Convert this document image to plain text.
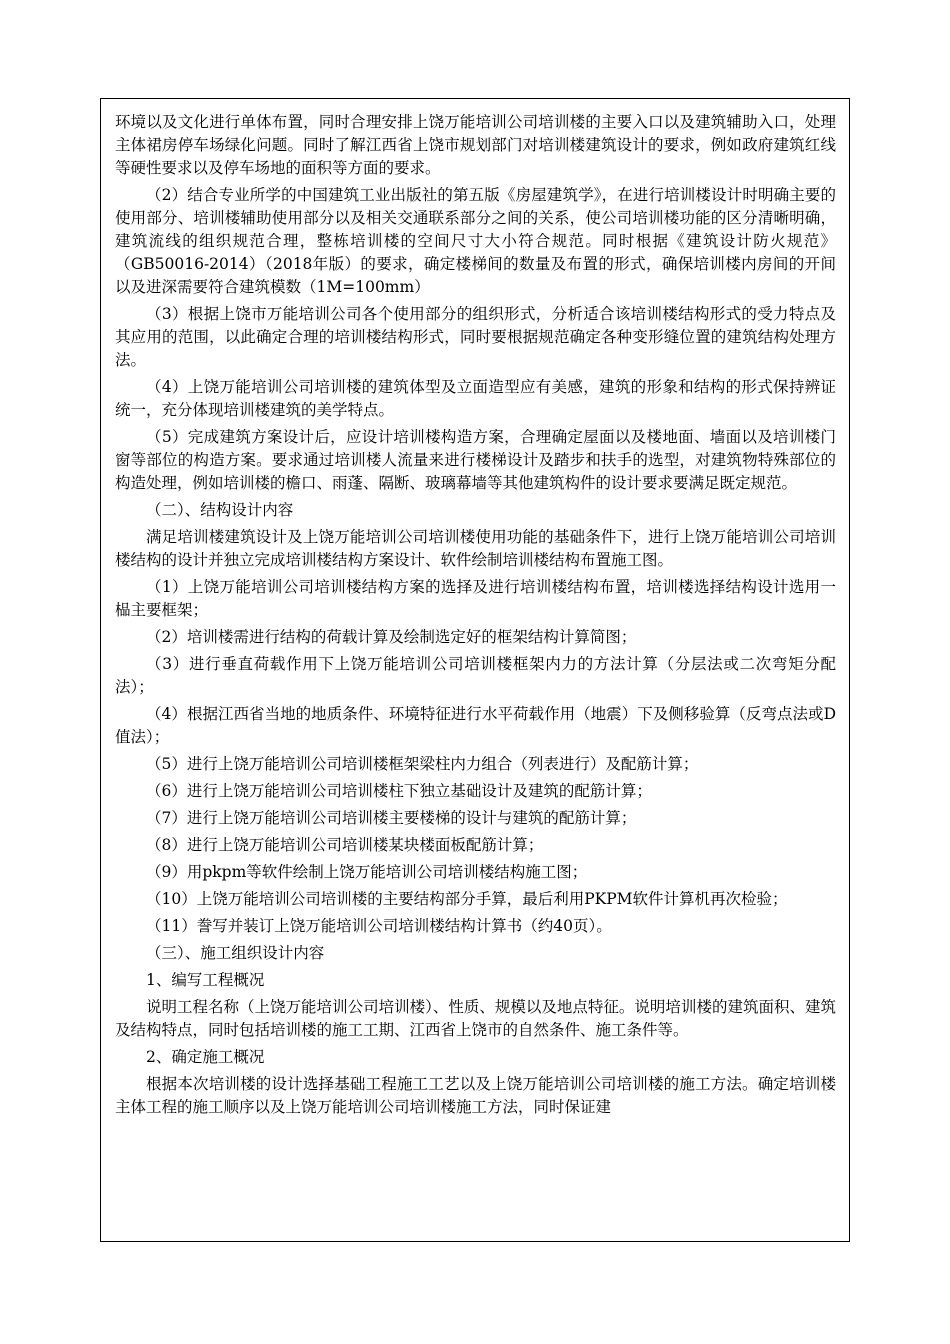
环境以及文化进行单体布置，同时合理安排上饶万能培训公司培训楼的主要入口以及建筑辅助入口，处理主体裙房停车场绿化问题。同时了解江西省上饶市规划部门对培训楼建筑设计的要求，例如政府建筑红线等硬性要求以及停车场地的面积等方面的要求。

（2）结合专业所学的中国建筑工业出版社的第五版《房屋建筑学》，在进行培训楼设计时明确主要的使用部分、培训楼辅助使用部分以及相关交通联系部分之间的关系，使公司培训楼功能的区分清晰明确，建筑流线的组织规范合理，整栋培训楼的空间尺寸大小符合规范。同时根据《建筑设计防火规范》（GB50016-2014）（2018年版）的要求，确定楼梯间的数量及布置的形式，确保培训楼内房间的开间以及进深需要符合建筑模数（1M=100mm）

（3）根据上饶市万能培训公司各个使用部分的组织形式，分析适合该培训楼结构形式的受力特点及其应用的范围，以此确定合理的培训楼结构形式，同时要根据规范确定各种变形缝位置的建筑结构处理方法。

（4）上饶万能培训公司培训楼的建筑体型及立面造型应有美感，建筑的形象和结构的形式保持辨证统一，充分体现培训楼建筑的美学特点。

（5）完成建筑方案设计后，应设计培训楼构造方案，合理确定屋面以及楼地面、墙面以及培训楼门窗等部位的构造方案。要求通过培训楼人流量来进行楼梯设计及踏步和扶手的选型，对建筑物特殊部位的构造处理，例如培训楼的檐口、雨蓬、隔断、玻璃幕墙等其他建筑构件的设计要求要满足既定规范。

（二）、结构设计内容

满足培训楼建筑设计及上饶万能培训公司培训楼使用功能的基础条件下，进行上饶万能培训公司培训楼结构的设计并独立完成培训楼结构方案设计、软件绘制培训楼结构布置施工图。

（1）上饶万能培训公司培训楼结构方案的选择及进行培训楼结构布置，培训楼选择结构设计选用一榀主要框架；

（2）培训楼需进行结构的荷载计算及绘制选定好的框架结构计算简图；

（3）进行垂直荷载作用下上饶万能培训公司培训楼框架内力的方法计算（分层法或二次弯矩分配法）；

（4）根据江西省当地的地质条件、环境特征进行水平荷载作用（地震）下及侧移验算（反弯点法或D值法）；

（5）进行上饶万能培训公司培训楼框架梁柱内力组合（列表进行）及配筋计算；

（6）进行上饶万能培训公司培训楼柱下独立基础设计及建筑的配筋计算；

（7）进行上饶万能培训公司培训楼主要楼梯的设计与建筑的配筋计算；

（8）进行上饶万能培训公司培训楼某块楼面板配筋计算；

（9）用pkpm等软件绘制上饶万能培训公司培训楼结构施工图；

（10）上饶万能培训公司培训楼的主要结构部分手算，最后利用PKPM软件计算机再次检验；

（11）誊写并装订上饶万能培训公司培训楼结构计算书（约40页）。

（三）、施工组织设计内容

1、编写工程概况

说明工程名称（上饶万能培训公司培训楼）、性质、规模以及地点特征。说明培训楼的建筑面积、建筑及结构特点，同时包括培训楼的施工工期、江西省上饶市的自然条件、施工条件等。

2、确定施工概况

根据本次培训楼的设计选择基础工程施工工艺以及上饶万能培训公司培训楼的施工方法。确定培训楼主体工程的施工顺序以及上饶万能培训公司培训楼施工方法，同时保证建
